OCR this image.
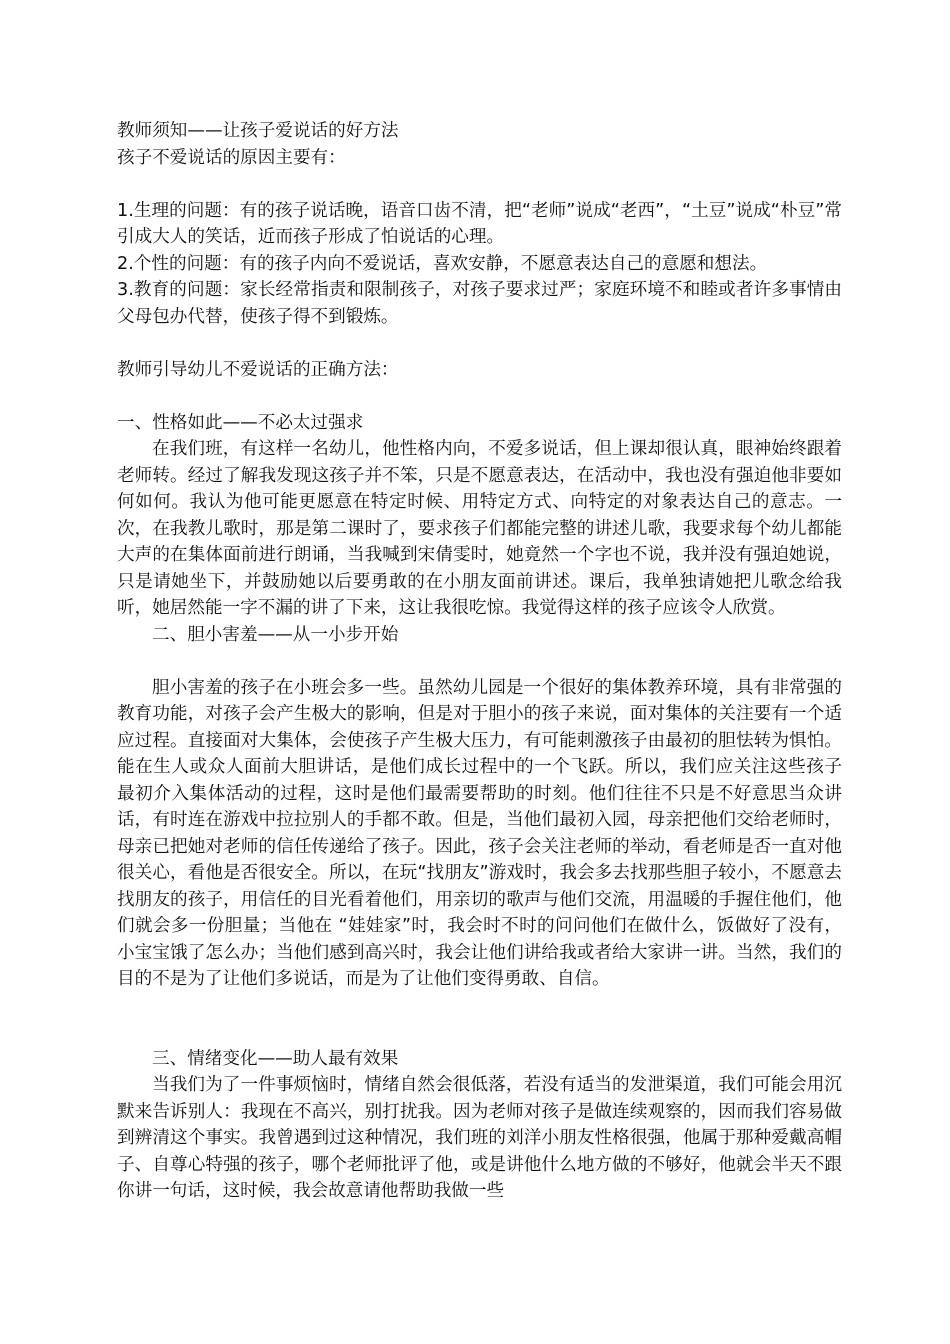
教师须知——让孩子爱说话的好方法

孩子不爱说话的原因主要有：

1.生理的问题：有的孩子说话晚，语音口齿不清，把“老师”说成“老西”，“土豆”说成“朴豆”常引成大人的笑话，近而孩子形成了怕说话的心理。

2.个性的问题：有的孩子内向不爱说话，喜欢安静，不愿意表达自己的意愿和想法。

3.教育的问题：家长经常指责和限制孩子，对孩子要求过严；家庭环境不和睦或者许多事情由父母包办代替，使孩子得不到锻炼。

教师引导幼儿不爱说话的正确方法：

一、性格如此——不必太过强求

在我们班，有这样一名幼儿，他性格内向，不爱多说话，但上课却很认真，眼神始终跟着老师转。经过了解我发现这孩子并不笨，只是不愿意表达，在活动中，我也没有强迫他非要如何如何。我认为他可能更愿意在特定时候、用特定方式、向特定的对象表达自己的意志。一次，在我教儿歌时，那是第二课时了，要求孩子们都能完整的讲述儿歌，我要求每个幼儿都能大声的在集体面前进行朗诵，当我喊到宋倩雯时，她竟然一个字也不说，我并没有强迫她说，只是请她坐下，并鼓励她以后要勇敢的在小朋友面前讲述。课后，我单独请她把儿歌念给我听，她居然能一字不漏的讲了下来，这让我很吃惊。我觉得这样的孩子应该令人欣赏。

二、胆小害羞——从一小步开始

胆小害羞的孩子在小班会多一些。虽然幼儿园是一个很好的集体教养环境，具有非常强的教育功能，对孩子会产生极大的影响，但是对于胆小的孩子来说，面对集体的关注要有一个适应过程。直接面对大集体，会使孩子产生极大压力，有可能刺激孩子由最初的胆怯转为惧怕。能在生人或众人面前大胆讲话，是他们成长过程中的一个飞跃。所以，我们应关注这些孩子 最初介入集体活动的过程，这时是他们最需要帮助的时刻。他们往往不只是不好意思当众讲话，有时连在游戏中拉拉别人的手都不敢。但是，当他们最初入园，母亲把他们交给老师时，母亲已把她对老师的信任传递给了孩子。因此，孩子会关注老师的举动，看老师是否一直对他很关心，看他是否很安全。所以，在玩“找朋友”游戏时，我会多去找那些胆子较小，不愿意去找朋友的孩子，用信任的目光看着他们，用亲切的歌声与他们交流，用温暖的手握住他们，他们就会多一份胆量；当他在 “娃娃家”时，我会时不时的问问他们在做什么，饭做好了没有，小宝宝饿了怎么办；当他们感到高兴时，我会让他们讲给我或者给大家讲一讲。当然，我们的目的不是为了让他们多说话，而是为了让他们变得勇敢、自信。

三、情绪变化——助人最有效果

当我们为了一件事烦恼时，情绪自然会很低落，若没有适当的发泄渠道，我们可能会用沉默来告诉别人：我现在不高兴，别打扰我。因为老师对孩子是做连续观察的，因而我们容易做到辨清这个事实。我曾遇到过这种情况，我们班的刘洋小朋友性格很强，他属于那种爱戴高帽子、自尊心特强的孩子，哪个老师批评了他，或是讲他什么地方做的不够好，他就会半天不跟你讲一句话，这时候，我会故意请他帮助我做一些
